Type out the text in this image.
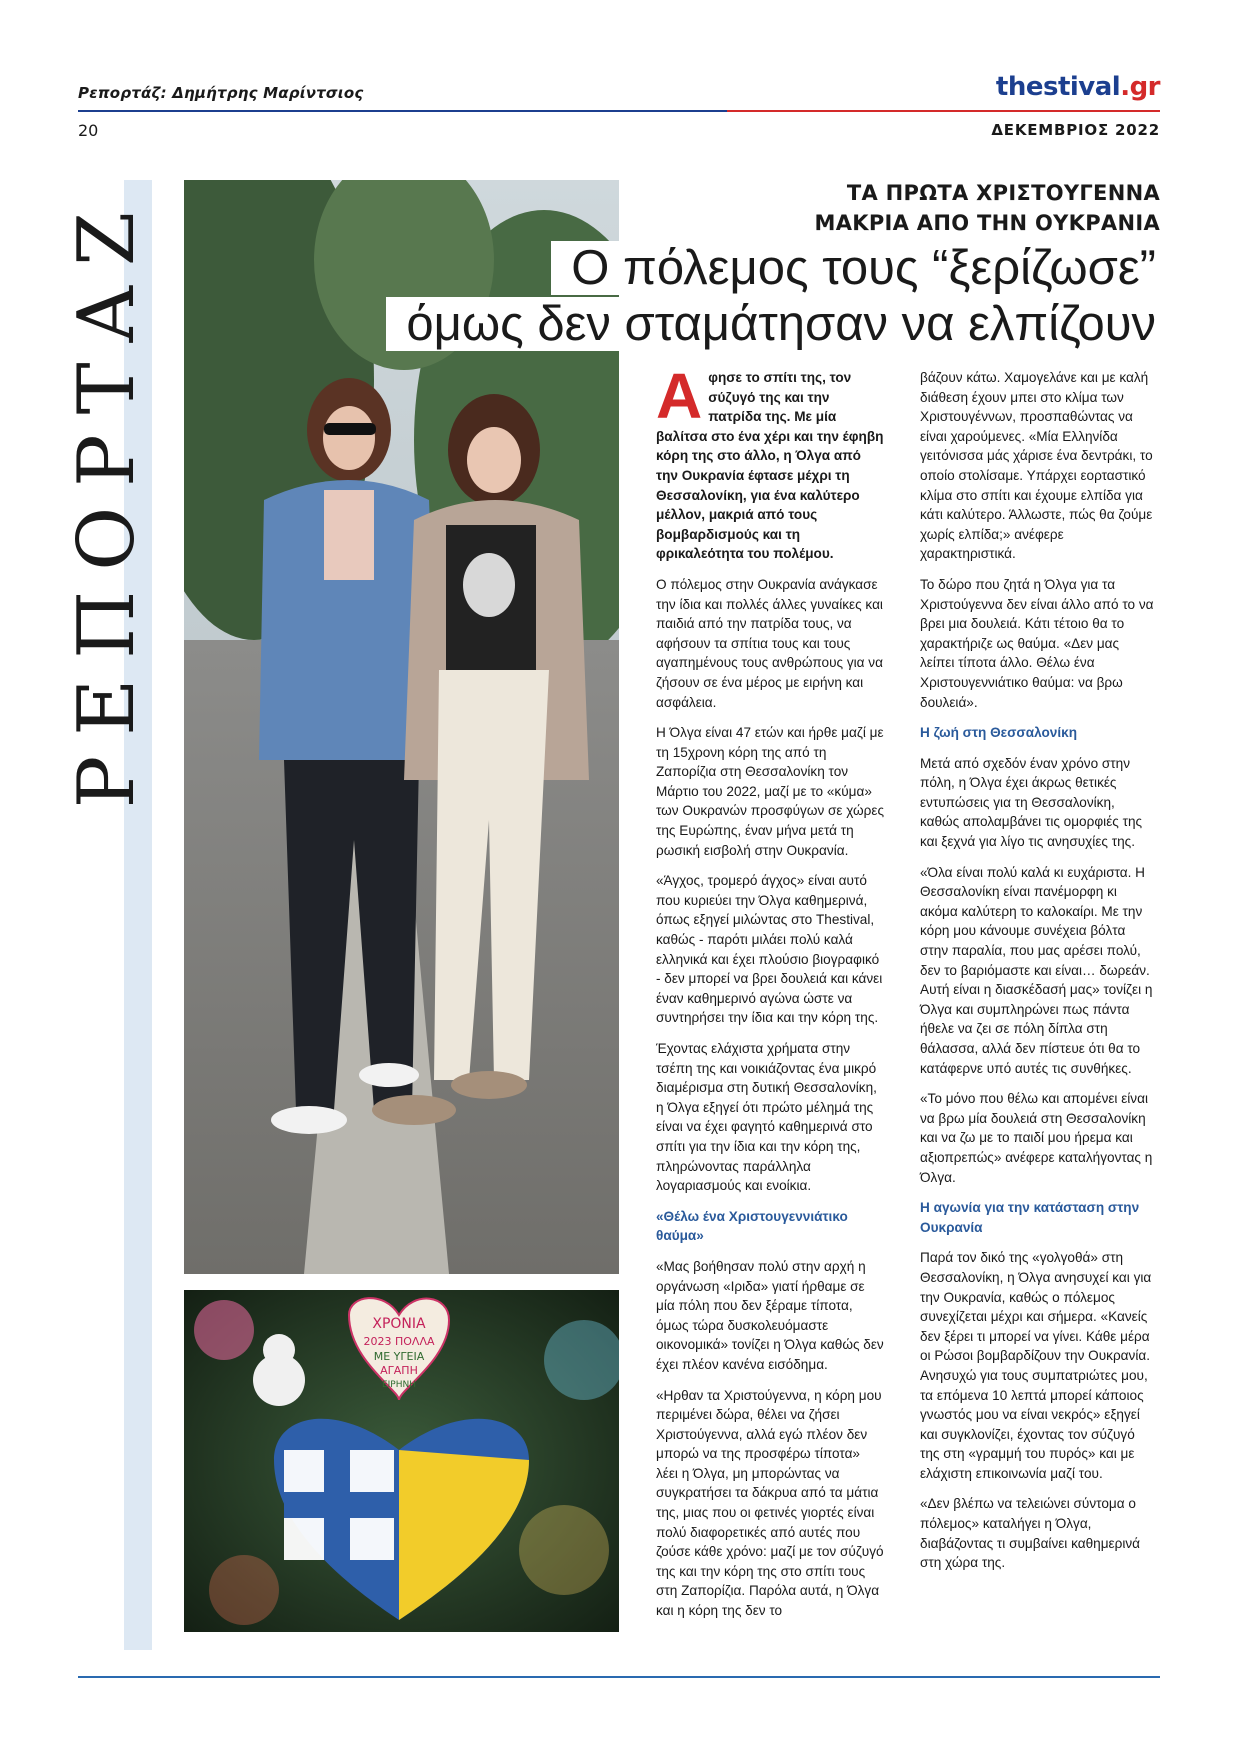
Ρεπορτάζ: Δημήτρης Μαρίντσιος	thestival.gr
20	ΔΕΚΕΜΒΡΙΟΣ 2022
ΡΕΠΟΡΤΑΖ
ΧΡΟΝΙΑ
2023 ΠΟΛΛΑ
ΜΕ ΥΓΕΙΑ
ΑΓΑΠΗ
ΕΙΡΗΝΗ
ΤΑ ΠΡΩΤΑ ΧΡΙΣΤΟΥΓΕΝΝΑ
ΜΑΚΡΙΑ ΑΠΟ ΤΗΝ ΟΥΚΡΑΝΙΑ
Ο πόλεμος τους “ξερίζωσε”
όμως δεν σταμάτησαν να ελπίζουν

Αφησε το σπίτι της, τον σύζυγό της και την πατρίδα της. Με μία βαλίτσα στο ένα χέρι και την έφηβη κόρη της στο άλλο, η Όλγα από την Ουκρανία έφτασε μέχρι τη Θεσσαλονίκη, για ένα καλύτερο μέλλον, μακριά από τους βομβαρδισμούς και τη φρικαλεότητα του πολέμου.

Ο πόλεμος στην Ουκρανία ανάγκασε την ίδια και πολλές άλλες γυναίκες και παιδιά από την πατρίδα τους, να αφήσουν τα σπίτια τους και τους αγαπημένους τους ανθρώπους για να ζήσουν σε ένα μέρος με ειρήνη και ασφάλεια.

Η Όλγα είναι 47 ετών και ήρθε μαζί με τη 15χρονη κόρη της από τη Ζαπορίζια στη Θεσσαλονίκη τον Μάρτιο του 2022, μαζί με το «κύμα» των Ουκρανών προσφύγων σε χώρες της Ευρώπης, έναν μήνα μετά τη ρωσική εισβολή στην Ουκρανία.

«Άγχος, τρομερό άγχος» είναι αυτό που κυριεύει την Όλγα καθημερινά, όπως εξηγεί μιλώντας στο Thestival, καθώς - παρότι μιλάει πολύ καλά ελληνικά και έχει πλούσιο βιογραφικό - δεν μπορεί να βρει δουλειά και κάνει έναν καθημερινό αγώνα ώστε να συντηρήσει την ίδια και την κόρη της.

Έχοντας ελάχιστα χρήματα στην τσέπη της και νοικιάζοντας ένα μικρό διαμέρισμα στη δυτική Θεσσαλονίκη, η Όλγα εξηγεί ότι πρώτο μέλημά της είναι να έχει φαγητό καθημερινά στο σπίτι για την ίδια και την κόρη της, πληρώνοντας παράλληλα λογαριασμούς και ενοίκια.

«Θέλω ένα Χριστουγεννιάτικο θαύμα»

«Μας βοήθησαν πολύ στην αρχή η οργάνωση «Ιριδα» γιατί ήρθαμε σε μία πόλη που δεν ξέραμε τίποτα, όμως τώρα δυσκολευόμαστε οικονομικά» τονίζει η Όλγα καθώς δεν έχει πλέον κανένα εισόδημα.

«Ηρθαν τα Χριστούγεννα, η κόρη μου περιμένει δώρα, θέλει να ζήσει Χριστούγεννα, αλλά εγώ πλέον δεν μπορώ να της προσφέρω τίποτα» λέει η Όλγα, μη μπορώντας να συγκρατήσει τα δάκρυα από τα μάτια της, μιας που οι φετινές γιορτές είναι πολύ διαφορετικές από αυτές που ζούσε κάθε χρόνο: μαζί με τον σύζυγό της και την κόρη της στο σπίτι τους στη Ζαπορίζια. Παρόλα αυτά, η Όλγα και η κόρη της δεν το

βάζουν κάτω. Χαμογελάνε και με καλή διάθεση έχουν μπει στο κλίμα των Χριστουγέννων, προσπαθώντας να είναι χαρούμενες. «Μία Ελληνίδα γειτόνισσα μάς χάρισε ένα δεντράκι, το οποίο στολίσαμε. Υπάρχει εορταστικό κλίμα στο σπίτι και έχουμε ελπίδα για κάτι καλύτερο. Άλλωστε, πώς θα ζούμε χωρίς ελπίδα;» ανέφερε χαρακτηριστικά.

Το δώρο που ζητά η Όλγα για τα Χριστούγεννα δεν είναι άλλο από το να βρει μια δουλειά. Κάτι τέτοιο θα το χαρακτήριζε ως θαύμα. «Δεν μας λείπει τίποτα άλλο. Θέλω ένα Χριστουγεννιάτικο θαύμα: να βρω δουλειά».

Η ζωή στη Θεσσαλονίκη

Μετά από σχεδόν έναν χρόνο στην πόλη, η Όλγα έχει άκρως θετικές εντυπώσεις για τη Θεσσαλονίκη, καθώς απολαμβάνει τις ομορφιές της και ξεχνά για λίγο τις ανησυχίες της.

«Όλα είναι πολύ καλά κι ευχάριστα. Η Θεσσαλονίκη είναι πανέμορφη κι ακόμα καλύτερη το καλοκαίρι. Με την κόρη μου κάνουμε συνέχεια βόλτα στην παραλία, που μας αρέσει πολύ, δεν το βαριόμαστε και είναι… δωρεάν. Αυτή είναι η διασκέδασή μας» τονίζει η Όλγα και συμπληρώνει πως πάντα ήθελε να ζει σε πόλη δίπλα στη θάλασσα, αλλά δεν πίστευε ότι θα το κατάφερνε υπό αυτές τις συνθήκες.

«Το μόνο που θέλω και απομένει είναι να βρω μία δουλειά στη Θεσσαλονίκη και να ζω με το παιδί μου ήρεμα και αξιοπρεπώς» ανέφερε καταλήγοντας η Όλγα.

Η αγωνία για την κατάσταση στην Ουκρανία

Παρά τον δικό της «γολγοθά» στη Θεσσαλονίκη, η Όλγα ανησυχεί και για την Ουκρανία, καθώς ο πόλεμος συνεχίζεται μέχρι και σήμερα. «Κανείς δεν ξέρει τι μπορεί να γίνει. Κάθε μέρα οι Ρώσοι βομβαρδίζουν την Ουκρανία. Ανησυχώ για τους συμπατριώτες μου, τα επόμενα 10 λεπτά μπορεί κάποιος γνωστός μου να είναι νεκρός» εξηγεί και συγκλονίζει, έχοντας τον σύζυγό της στη «γραμμή του πυρός» και με ελάχιστη επικοινωνία μαζί του.

«Δεν βλέπω να τελειώνει σύντομα ο πόλεμος» καταλήγει η Όλγα, διαβάζοντας τι συμβαίνει καθημερινά στη χώρα της.
